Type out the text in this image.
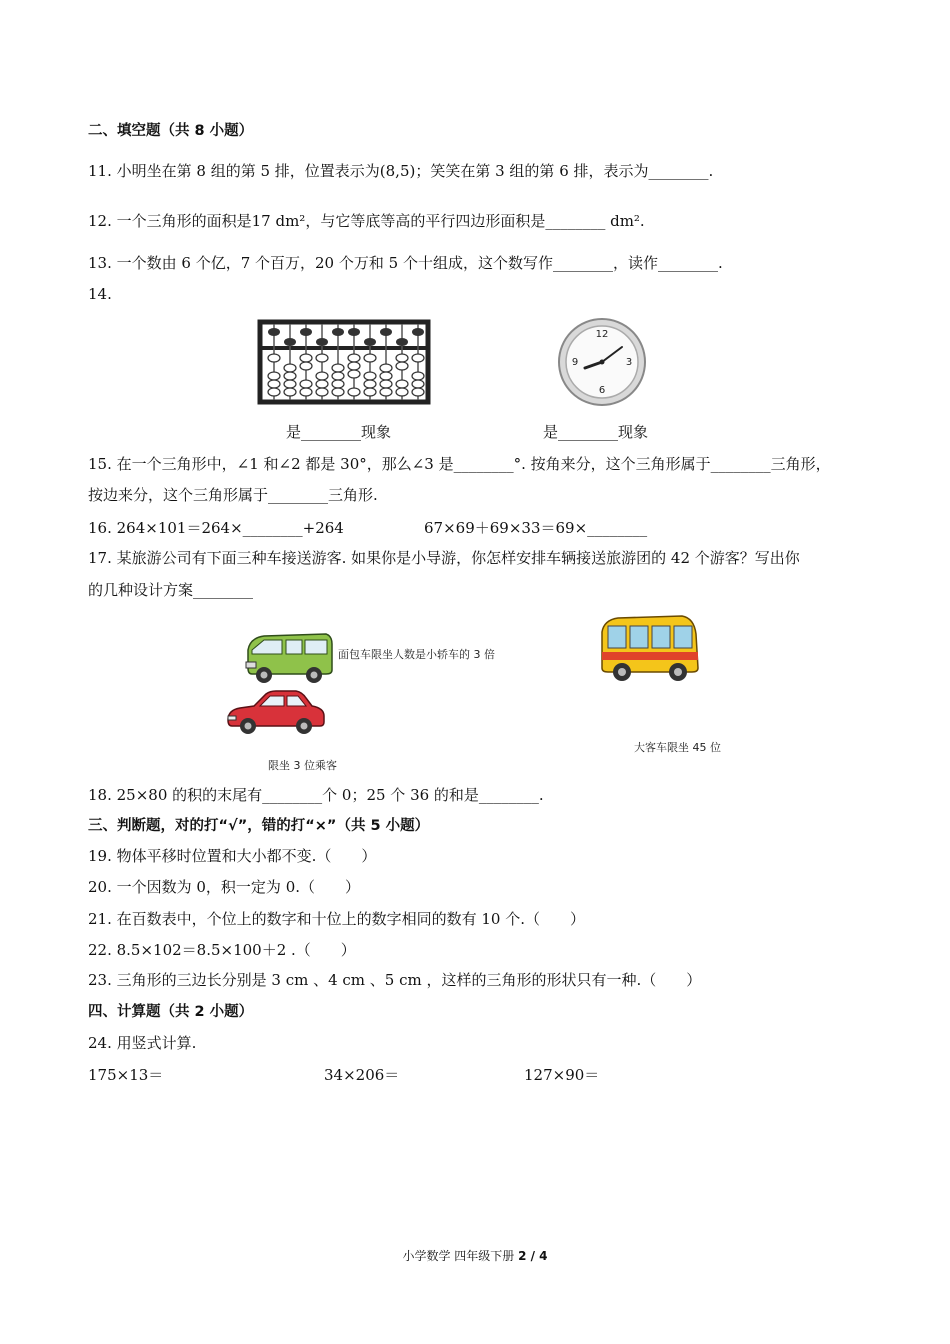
二、填空题（共 8 小题）
11. 小明坐在第 8 组的第 5 排，位置表示为(8,5)；笑笑在第 3 组的第 6 排，表示为________.
12. 一个三角形的面积是17 dm²，与它等底等高的平行四边形面积是________ dm².
13. 一个数由 6 个亿，7 个百万，20 个万和 5 个十组成，这个数写作________，读作________.
14.
12
3
6
9
是________现象	是________现象
15. 在一个三角形中，∠1 和∠2 都是 30°，那么∠3 是________°. 按角来分，这个三角形属于________三角形，
按边来分，这个三角形属于________三角形.
16. 264×101＝264×________+264	67×69＋69×33＝69×________
17. 某旅游公司有下面三种车接送游客. 如果你是小导游，你怎样安排车辆接送旅游团的 42 个游客？写出你
的几种设计方案________
面包车限坐人数是小轿车的 3 倍
限坐 3 位乘客
大客车限坐 45 位
18. 25×80 的积的末尾有________个 0；25 个 36 的和是________.
三、判断题，对的打“√”，错的打“×”（共 5 小题）
19. 物体平移时位置和大小都不变.（　　）
20. 一个因数为 0，积一定为 0.（　　）
21. 在百数表中，个位上的数字和十位上的数字相同的数有 10 个.（　　）
22. 8.5×102＝8.5×100＋2 .（　　）
23. 三角形的三边长分别是 3 cm 、4 cm 、5 cm ，这样的三角形的形状只有一种.（　　）
四、计算题（共 2 小题）
24. 用竖式计算.
175×13＝	34×206＝	127×90＝
小学数学 四年级下册 2 / 4
